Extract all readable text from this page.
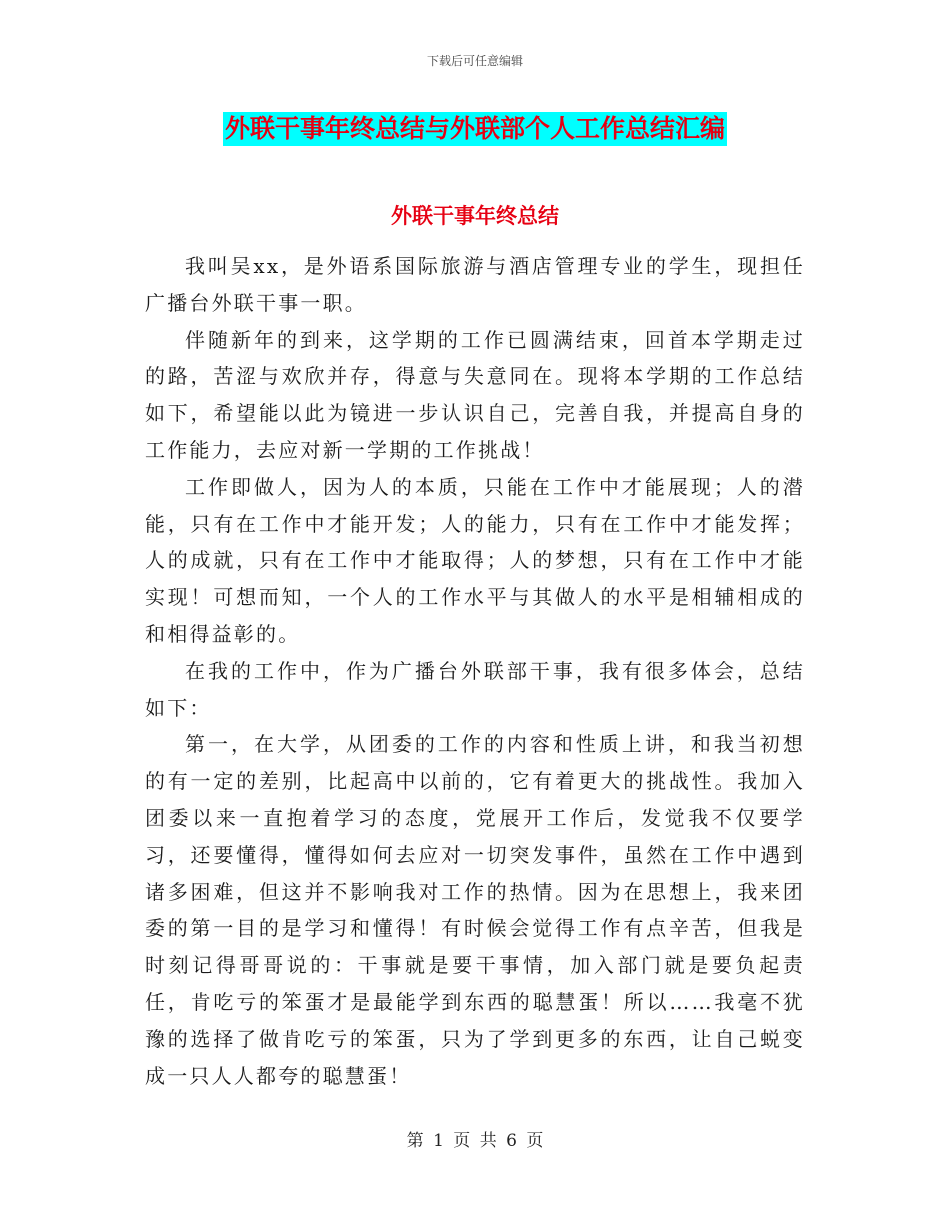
下载后可任意编辑
外联干事年终总结与外联部个人工作总结汇编
外联干事年终总结

我叫吴xx，是外语系国际旅游与酒店管理专业的学生，现担任广播台外联干事一职。

伴随新年的到来，这学期的工作已圆满结束，回首本学期走过的路，苦涩与欢欣并存，得意与失意同在。现将本学期的工作总结如下，希望能以此为镜进一步认识自己，完善自我，并提高自身的工作能力，去应对新一学期的工作挑战！

工作即做人，因为人的本质，只能在工作中才能展现；人的潜能，只有在工作中才能开发；人的能力，只有在工作中才能发挥；人的成就，只有在工作中才能取得；人的梦想，只有在工作中才能实现！可想而知，一个人的工作水平与其做人的水平是相辅相成的和相得益彰的。

在我的工作中，作为广播台外联部干事，我有很多体会，总结如下：

第一，在大学，从团委的工作的内容和性质上讲，和我当初想的有一定的差别，比起高中以前的，它有着更大的挑战性。我加入团委以来一直抱着学习的态度，党展开工作后，发觉我不仅要学习，还要懂得，懂得如何去应对一切突发事件，虽然在工作中遇到诸多困难，但这并不影响我对工作的热情。因为在思想上，我来团委的第一目的是学习和懂得！有时候会觉得工作有点辛苦，但我是时刻记得哥哥说的：干事就是要干事情，加入部门就是要负起责任，肯吃亏的笨蛋才是最能学到东西的聪慧蛋！所以……我毫不犹豫的选择了做肯吃亏的笨蛋，只为了学到更多的东西，让自己蜕变成一只人人都夸的聪慧蛋！

第 1 页 共 6 页
